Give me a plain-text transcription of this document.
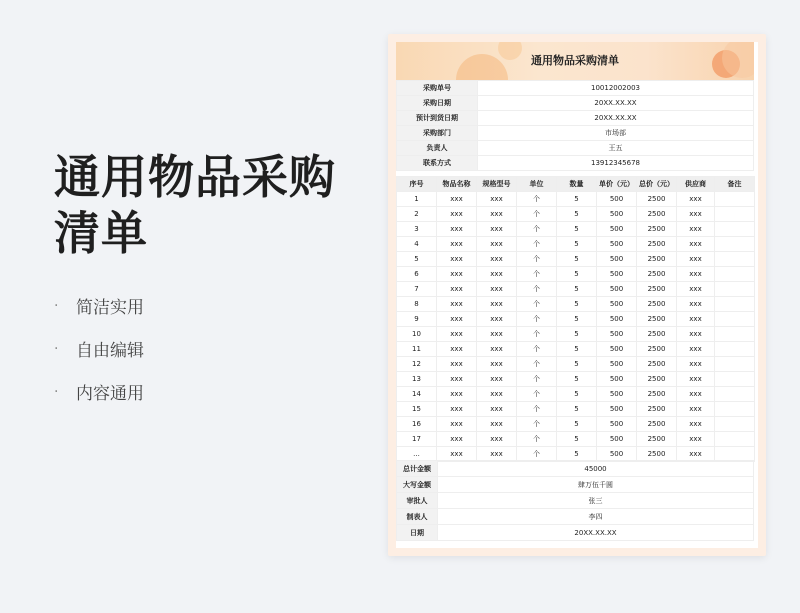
通用物品采购清单
·	简洁实用
·	自由编辑
·	内容通用
通用物品采购清单
采购单号	10012002003
采购日期	20XX.XX.XX
预计到货日期	20XX.XX.XX
采购部门	市场部
负责人	王五
联系方式	13912345678
序号	物品名称	规格型号	单位	数量	单价（元）	总价（元）	供应商	备注
1	xxx	xxx	个	5	500	2500	xxx	
2	xxx	xxx	个	5	500	2500	xxx	
3	xxx	xxx	个	5	500	2500	xxx	
4	xxx	xxx	个	5	500	2500	xxx	
5	xxx	xxx	个	5	500	2500	xxx	
6	xxx	xxx	个	5	500	2500	xxx	
7	xxx	xxx	个	5	500	2500	xxx	
8	xxx	xxx	个	5	500	2500	xxx	
9	xxx	xxx	个	5	500	2500	xxx	
10	xxx	xxx	个	5	500	2500	xxx	
11	xxx	xxx	个	5	500	2500	xxx	
12	xxx	xxx	个	5	500	2500	xxx	
13	xxx	xxx	个	5	500	2500	xxx	
14	xxx	xxx	个	5	500	2500	xxx	
15	xxx	xxx	个	5	500	2500	xxx	
16	xxx	xxx	个	5	500	2500	xxx	
17	xxx	xxx	个	5	500	2500	xxx	
...	xxx	xxx	个	5	500	2500	xxx	
总计金额	45000
大写金额	肆万伍千圆
审批人	张三
制表人	李四
日期	20XX.XX.XX
